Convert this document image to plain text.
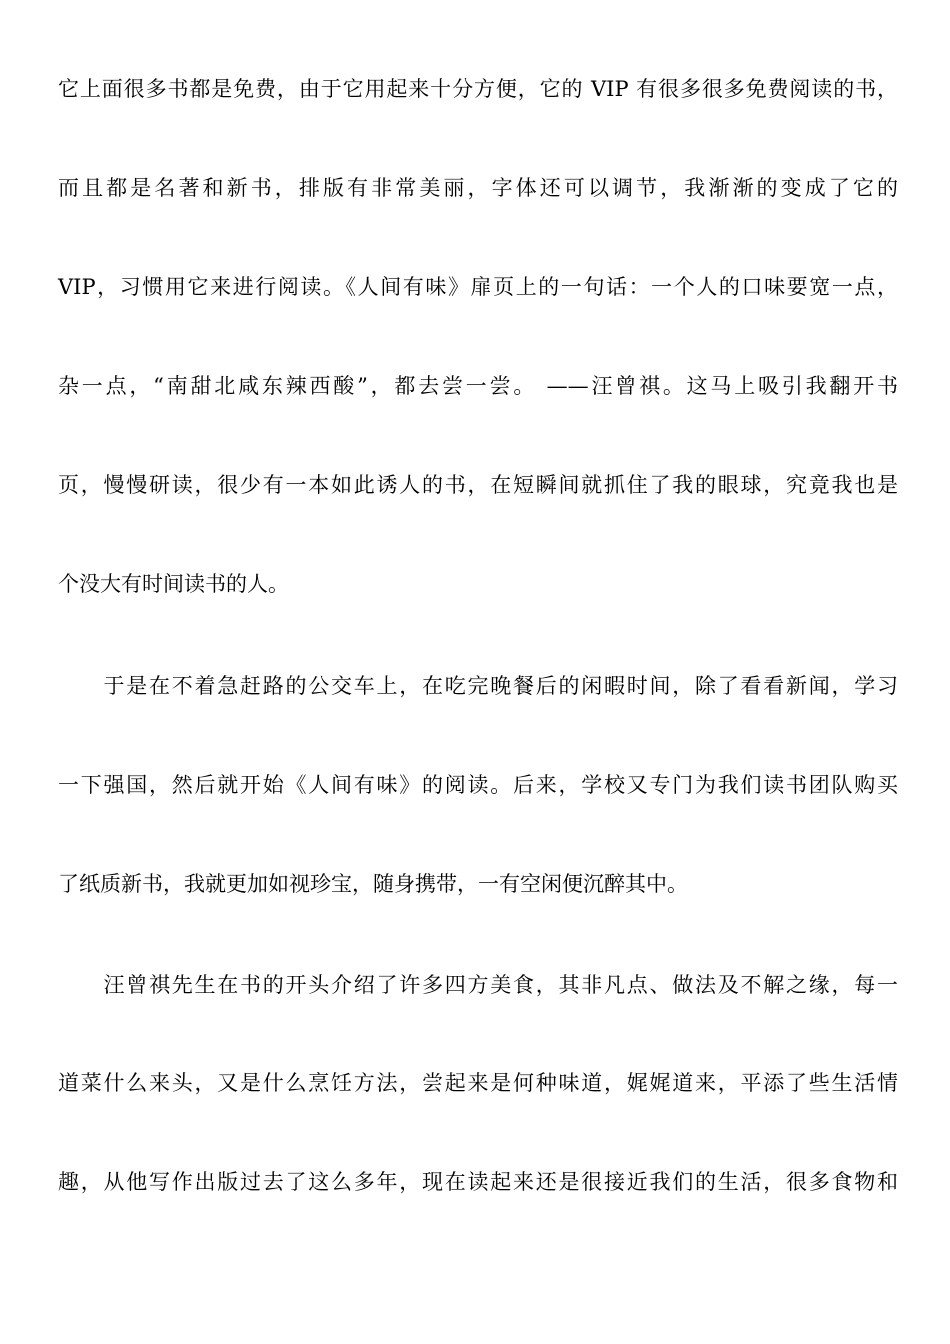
它上面很多书都是免费，由于它用起来十分方便，它的 VIP 有很多很多免费阅读的书，
而且都是名著和新书，排版有非常美丽，字体还可以调节，我渐渐的变成了它的
VIP，习惯用它来进行阅读。《人间有味》扉页上的一句话：一个人的口味要宽一点，
杂一点，“南甜北咸东辣西酸”，都去尝一尝。 ——汪曾祺。这马上吸引我翻开书
页，慢慢研读，很少有一本如此诱人的书，在短瞬间就抓住了我的眼球，究竟我也是
个没大有时间读书的人。
　　于是在不着急赶路的公交车上，在吃完晚餐后的闲暇时间，除了看看新闻，学习
一下强国，然后就开始《人间有味》的阅读。后来，学校又专门为我们读书团队购买
了纸质新书，我就更加如视珍宝，随身携带，一有空闲便沉醉其中。
　　汪曾祺先生在书的开头介绍了许多四方美食，其非凡点、做法及不解之缘，每一
道菜什么来头，又是什么烹饪方法，尝起来是何种味道，娓娓道来，平添了些生活情
趣，从他写作出版过去了这么多年，现在读起来还是很接近我们的生活，很多食物和
